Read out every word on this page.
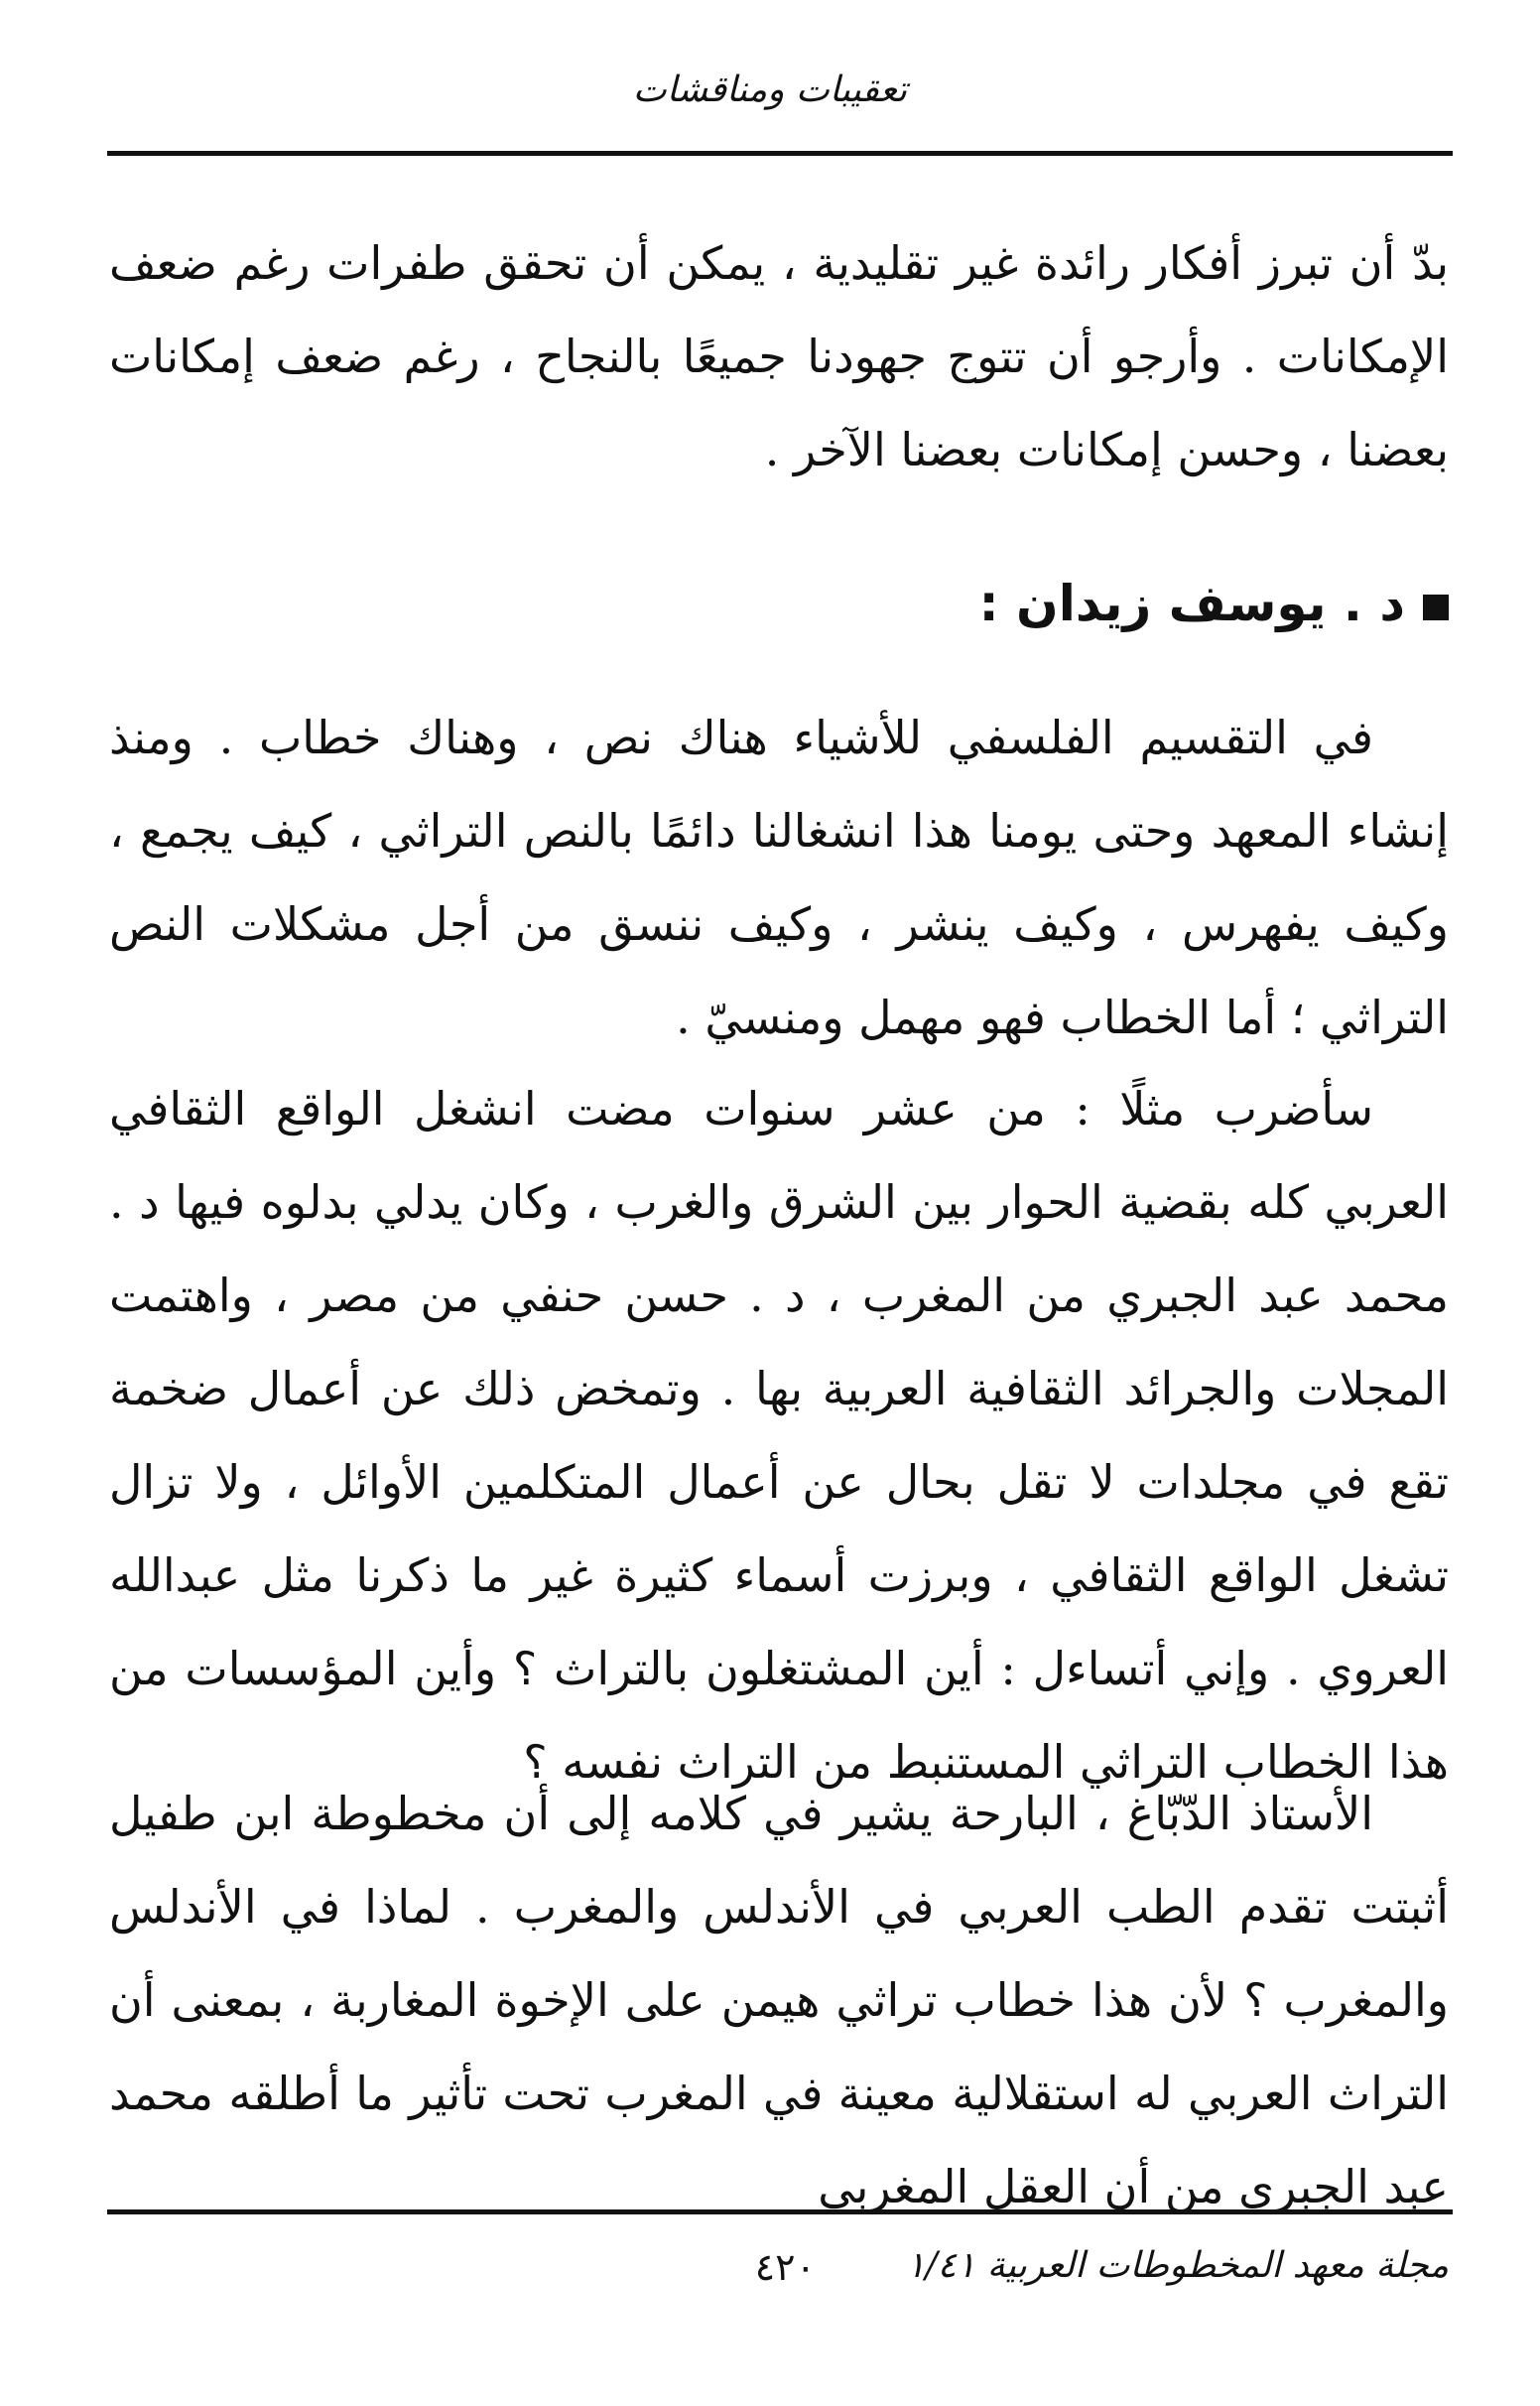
تعقيبات ومناقشات

بدّ أن تبرز أفكار رائدة غير تقليدية ، يمكن أن تحقق طفرات رغم ضعف الإمكانات . وأرجو أن تتوج جهودنا جميعًا بالنجاح ، رغم ضعف إمكانات بعضنا ، وحسن إمكانات بعضنا الآخر .

د . يوسف زيدان :

في التقسيم الفلسفي للأشياء هناك نص ، وهناك خطاب . ومنذ إنشاء المعهد وحتى يومنا هذا انشغالنا دائمًا بالنص التراثي ، كيف يجمع ، وكيف يفهرس ، وكيف ينشر ، وكيف ننسق من أجل مشكلات النص التراثي ؛ أما الخطاب فهو مهمل ومنسيّ .

سأضرب مثلًا : من عشر سنوات مضت انشغل الواقع الثقافي العربي كله بقضية الحوار بين الشرق والغرب ، وكان يدلي بدلوه فيها د . محمد عبد الجبري من المغرب ، د . حسن حنفي من مصر ، واهتمت المجلات والجرائد الثقافية العربية بها . وتمخض ذلك عن أعمال ضخمة تقع في مجلدات لا تقل بحال عن أعمال المتكلمين الأوائل ، ولا تزال تشغل الواقع الثقافي ، وبرزت أسماء كثيرة غير ما ذكرنا مثل عبدالله العروي . وإني أتساءل : أين المشتغلون بالتراث ؟ وأين المؤسسات من هذا الخطاب التراثي المستنبط من التراث نفسه ؟

الأستاذ الدّبّاغ ، البارحة يشير في كلامه إلى أن مخطوطة ابن طفيل أثبتت تقدم الطب العربي في الأندلس والمغرب . لماذا في الأندلس والمغرب ؟ لأن هذا خطاب تراثي هيمن على الإخوة المغاربة ، بمعنى أن التراث العربي له استقلالية معينة في المغرب تحت تأثير ما أطلقه محمد عبد الجبري من أن العقل المغربي

مجلة معهد المخطوطات العربية ١/٤١
٤٢٠
